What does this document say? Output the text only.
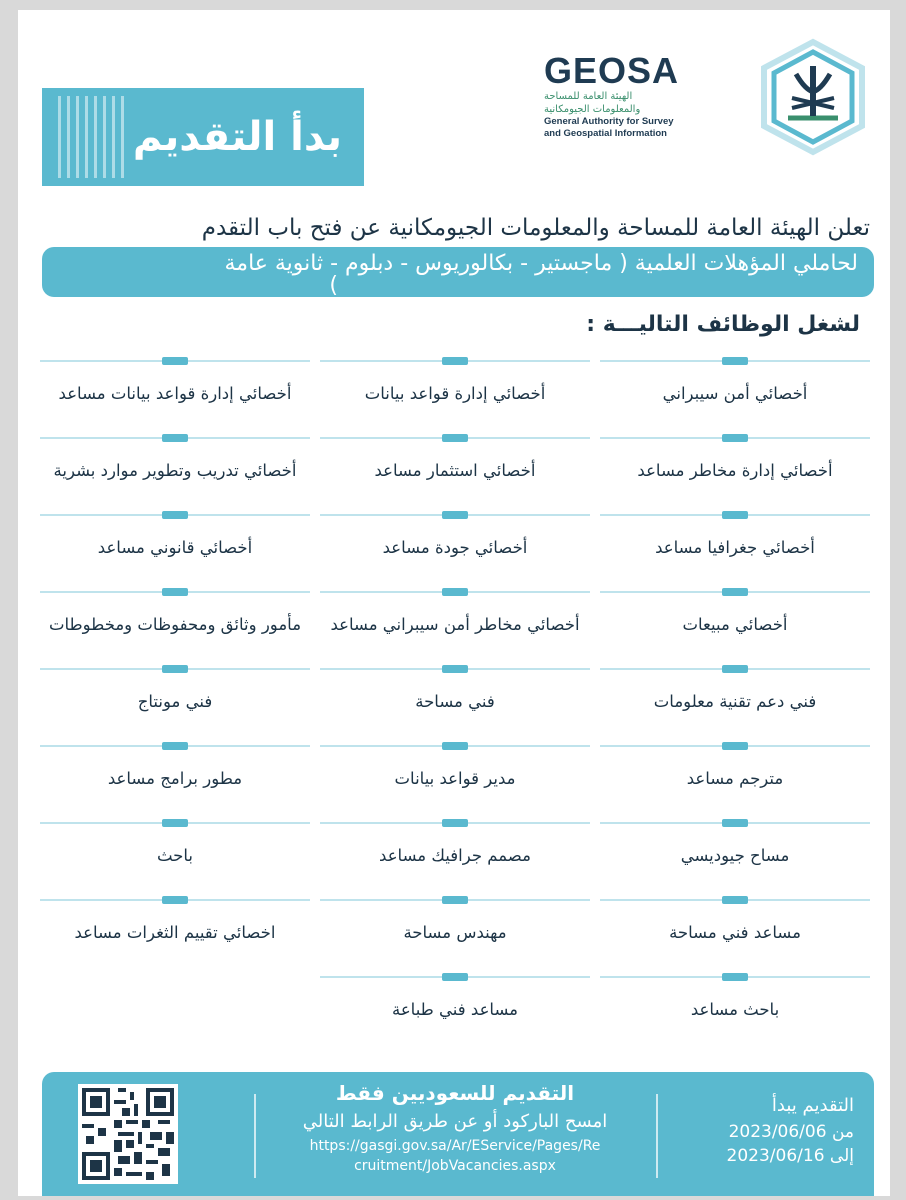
بدأ التقديم
GEOSA
الهيئة العامة للمساحة
والمعلومات الجيومكانية
General Authority for Survey
and Geospatial Information
تعلن الهيئة العامة للمساحة والمعلومات الجيومكانية عن فتح باب التقدم
لحاملي المؤهلات العلمية ( ماجستير - بكالوريوس - دبلوم - ثانوية عامة
)
لشغل الوظائف التاليـــة :
أخصائي أمن سيبراني
أخصائي إدارة قواعد بيانات
أخصائي إدارة قواعد بيانات مساعد
أخصائي إدارة مخاطر مساعد
أخصائي استثمار مساعد
أخصائي تدريب وتطوير موارد بشرية
أخصائي جغرافيا مساعد
أخصائي جودة مساعد
أخصائي قانوني مساعد
أخصائي مبيعات
أخصائي مخاطر أمن سيبراني مساعد
مأمور وثائق ومحفوظات ومخطوطات
فني دعم تقنية معلومات
فني مساحة
فني مونتاج
مترجم مساعد
مدير قواعد بيانات
مطور برامج مساعد
مساح جيوديسي
مصمم جرافيك مساعد
باحث
مساعد فني مساحة
مهندس مساحة
اخصائي تقييم الثغرات مساعد
باحث مساعد
مساعد فني طباعة
التقديم للسعوديين فقط
امسح الباركود أو عن طريق الرابط التالي
https://gasgi.gov.sa/Ar/EService/Pages/Re
cruitment/JobVacancies.aspx
التقديم يبدأ
من 2023/06/06
إلى 2023/06/16
